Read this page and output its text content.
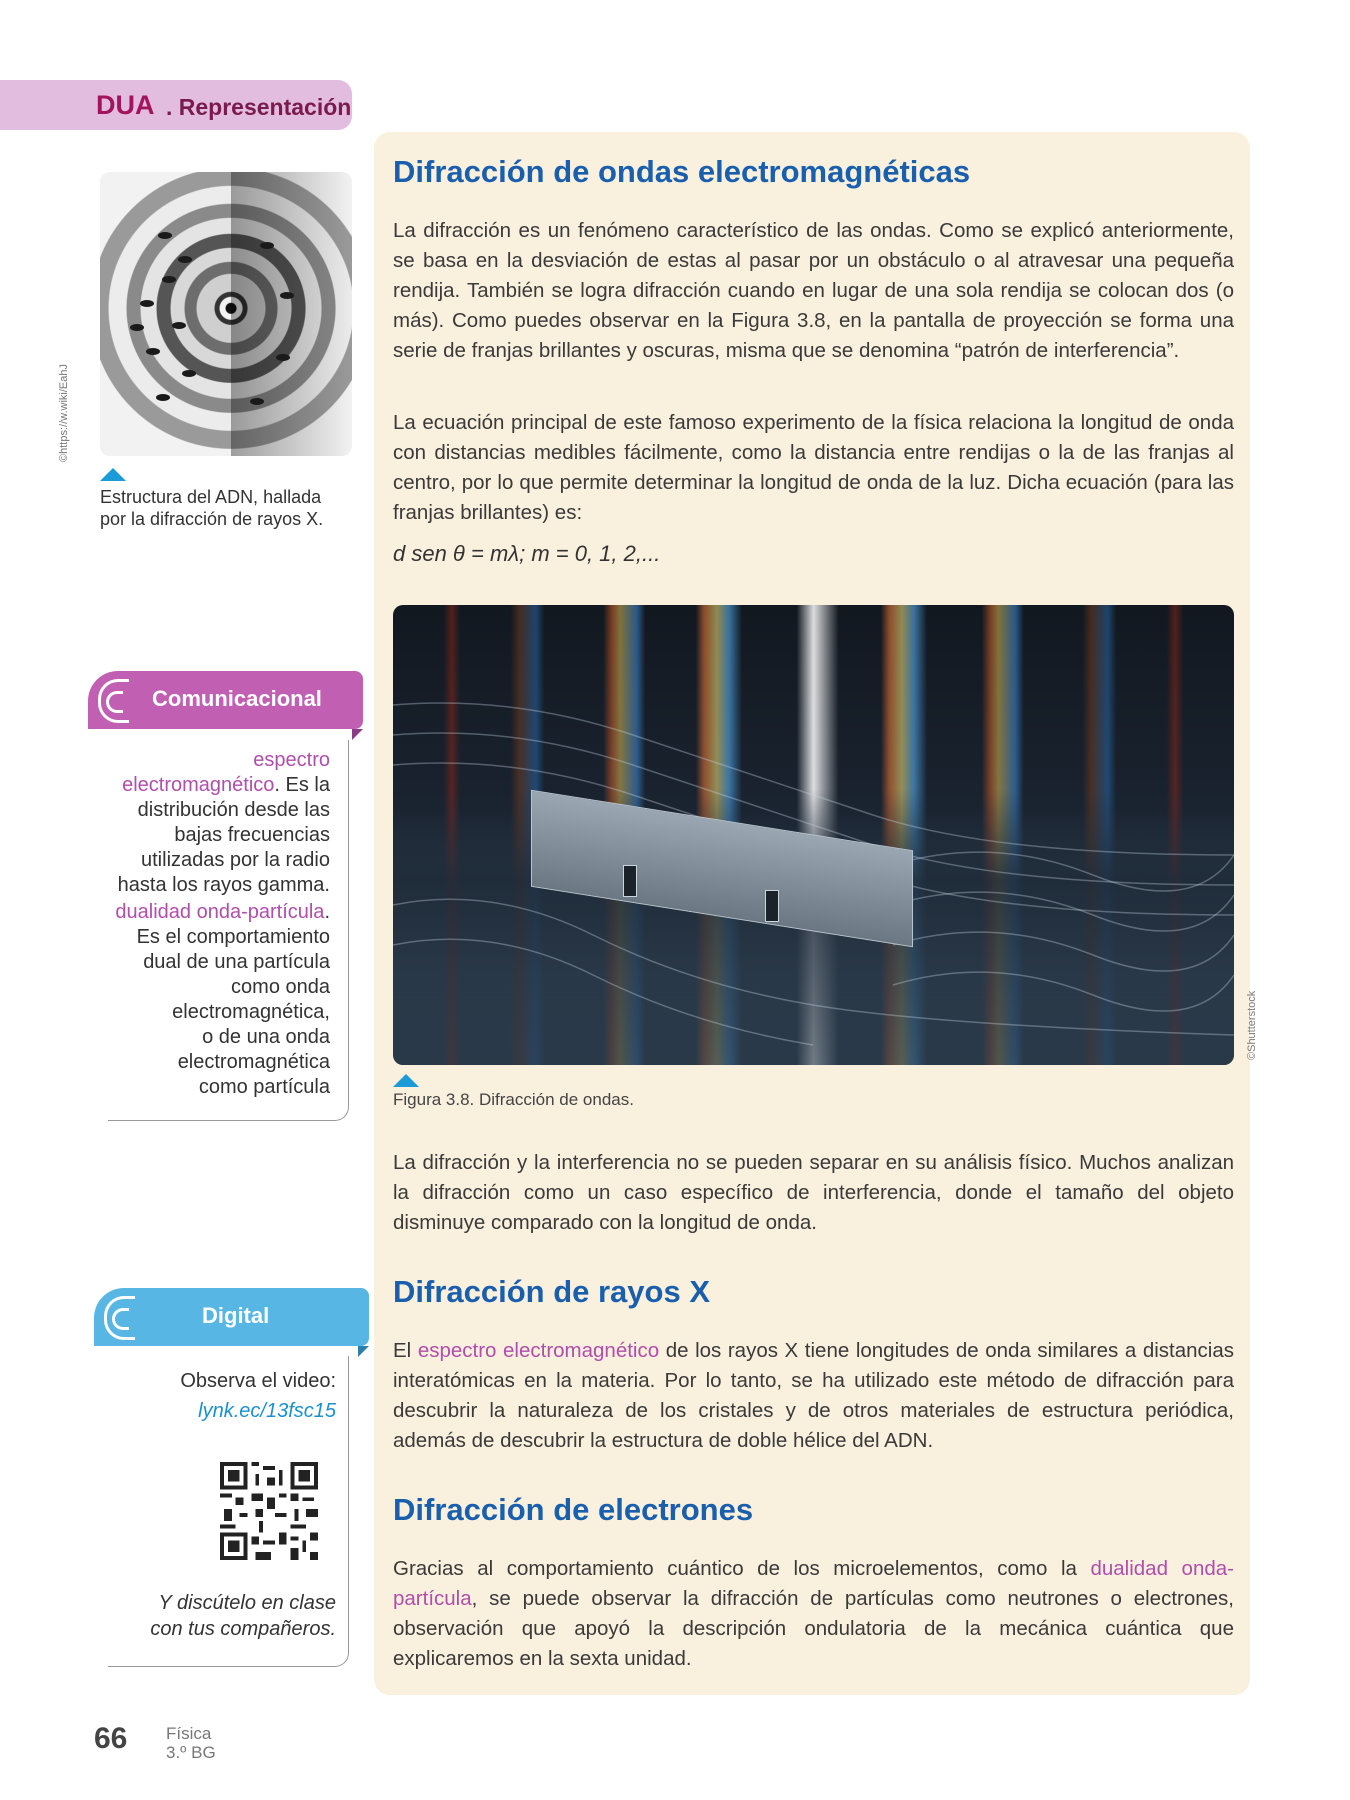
DUA . Representación
©https://w.wiki/EahJ
Estructura del ADN, hallada
por la difracción de rayos X.
Comunicacional
espectro
electromagnético. Es la
distribución desde las
bajas frecuencias
utilizadas por la radio
hasta los rayos gamma.
dualidad onda-partícula.
Es el comportamiento
dual de una partícula
como onda
electromagnética,
o de una onda
electromagnética
como partícula
Digital
Observa el video:
lynk.ec/13fsc15
Y discútelo en clase
con tus compañeros.
66 Física
3.º BG
Difracción de ondas electromagnéticas
La difracción es un fenómeno característico de las ondas. Como se explicó anteriormente, se basa en la desviación de estas al pasar por un obstáculo o al atravesar una pequeña rendija. También se logra difracción cuando en lugar de una sola rendija se colocan dos (o más). Como puedes observar en la Figura 3.8, en la pantalla de proyección se forma una serie de franjas brillantes y oscuras, misma que se denomina “patrón de interferencia”.
La ecuación principal de este famoso experimento de la física relaciona la longitud de onda con distancias medibles fácilmente, como la distancia entre rendijas o la de las franjas al centro, por lo que permite determinar la longitud de onda de la luz. Dicha ecuación (para las franjas brillantes) es:
d sen θ = mλ; m = 0, 1, 2,...
©Shutterstock
Figura 3.8. Difracción de ondas.
La difracción y la interferencia no se pueden separar en su análisis físico. Muchos analizan la difracción como un caso específico de interferencia, donde el tamaño del objeto disminuye comparado con la longitud de onda.
Difracción de rayos X
El espectro electromagnético de los rayos X tiene longitudes de onda similares a distancias interatómicas en la materia. Por lo tanto, se ha utilizado este método de difracción para descubrir la naturaleza de los cristales y de otros materiales de estructura periódica, además de descubrir la estructura de doble hélice del ADN.
Difracción de electrones
Gracias al comportamiento cuántico de los microelementos, como la dualidad onda-partícula, se puede observar la difracción de partículas como neutrones o electrones, observación que apoyó la descripción ondulatoria de la mecánica cuántica que explicaremos en la sexta unidad.
